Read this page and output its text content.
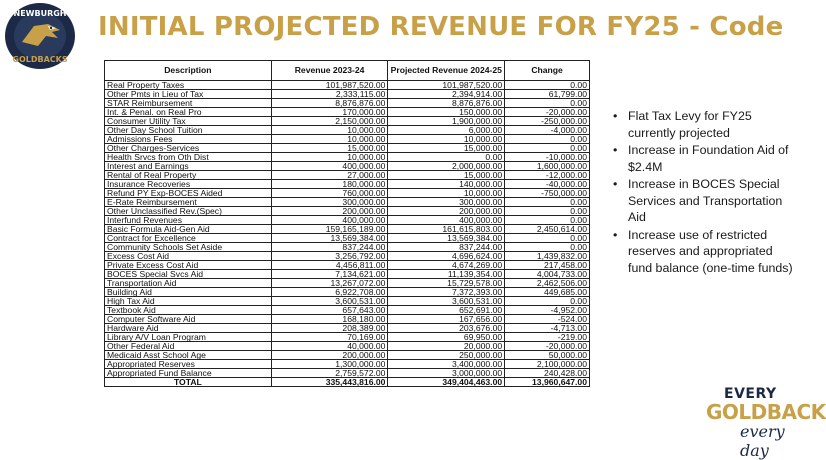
NEWBURGH
GOLDBACKS
INITIAL PROJECTED REVENUE FOR FY25 - Code
Description	Revenue 2023-24	Projected Revenue 2024-25	Change
Real Property Taxes	101,987,520.00	101,987,520.00	0.00
Other Pmts in Lieu of Tax	2,333,115.00	2,394,914.00	61,799.00
STAR Reimbursement	8,876,876.00	8,876,876.00	0.00
Int. & Penal. on Real Pro	170,000.00	150,000.00	-20,000.00
Consumer Utility Tax	2,150,000.00	1,900,000.00	-250,000.00
Other Day School Tuition	10,000.00	6,000.00	-4,000.00
Admissions Fees	10,000.00	10,000.00	0.00
Other Charges-Services	15,000.00	15,000.00	0.00
Health Srvcs from Oth Dist	10,000.00	0.00	-10,000.00
Interest and Earnings	400,000.00	2,000,000.00	1,600,000.00
Rental of Real Property	27,000.00	15,000.00	-12,000.00
Insurance Recoveries	180,000.00	140,000.00	-40,000.00
Refund PY Exp-BOCES Aided	760,000.00	10,000.00	-750,000.00
E-Rate Reimbursement	300,000.00	300,000.00	0.00
Other Unclassified Rev.(Spec)	200,000.00	200,000.00	0.00
Interfund Revenues	400,000.00	400,000.00	0.00
Basic Formula Aid-Gen Aid	159,165,189.00	161,615,803.00	2,450,614.00
Contract for Excellence	13,569,384.00	13,569,384.00	0.00
Community Schools Set Aside	837,244.00	837,244.00	0.00
Excess Cost Aid	3,256,792.00	4,696,624.00	1,439,832.00
Private Excess Cost Aid	4,456,811.00	4,674,269.00	217,458.00
BOCES Special Svcs Aid	7,134,621.00	11,139,354.00	4,004,733.00
Transportation Aid	13,267,072.00	15,729,578.00	2,462,506.00
Building Aid	6,922,708.00	7,372,393.00	449,685.00
High Tax Aid	3,600,531.00	3,600,531.00	0.00
Textbook Aid	657,643.00	652,691.00	-4,952.00
Computer Software Aid	168,180.00	167,656.00	-524.00
Hardware Aid	208,389.00	203,676.00	-4,713.00
Library A/V Loan Program	70,169.00	69,950.00	-219.00
Other Federal Aid	40,000.00	20,000.00	-20,000.00
Medicaid Asst School Age	200,000.00	250,000.00	50,000.00
Appropriated Reserves	1,300,000.00	3,400,000.00	2,100,000.00
Appropriated Fund Balance	2,759,572.00	3,000,000.00	240,428.00
TOTAL	335,443,816.00	349,404,463.00	13,960,647.00
• Flat Tax Levy for FY25 currently projected
• Increase in Foundation Aid of $2.4M
• Increase in BOCES Special Services and Transportation Aid
• Increase use of restricted reserves and appropriated fund balance (one-time funds)
EVERY
GOLDBACK
every day
